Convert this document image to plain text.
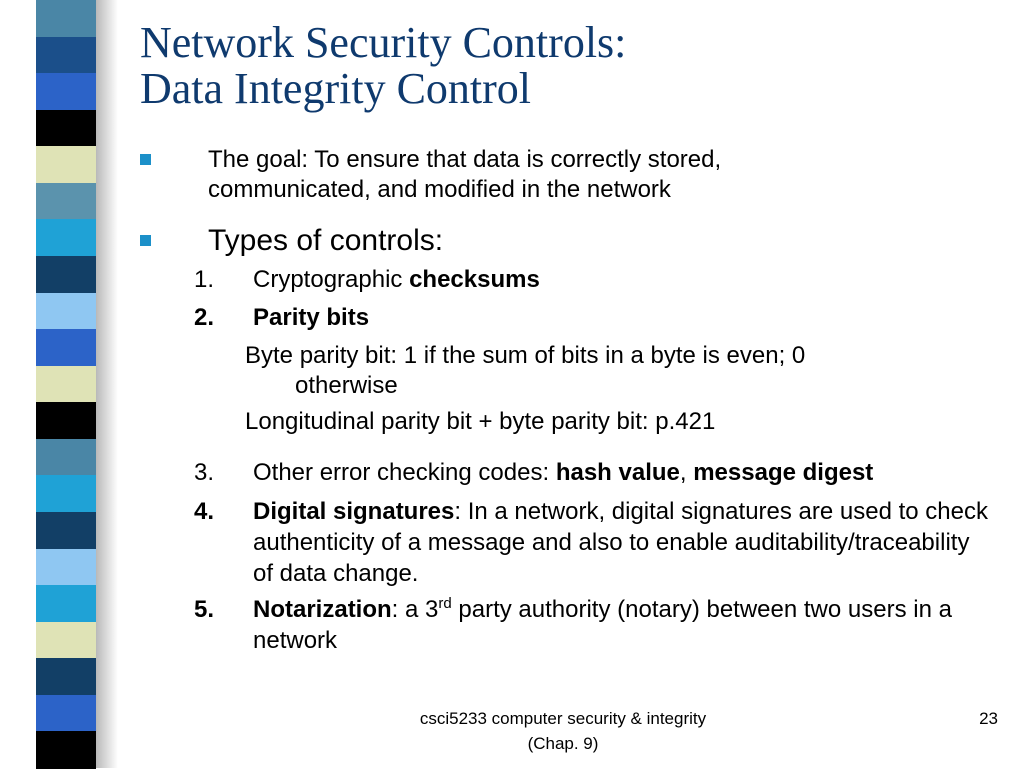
Network Security Controls:
Data Integrity Control
The goal: To ensure that data is correctly stored, communicated, and modified in the network
Types of controls:
1.	Cryptographic checksums
2.	Parity bits
Byte parity bit: 1 if the sum of bits in a byte is even; 0
otherwise
Longitudinal parity bit + byte parity bit: p.421
3.	Other error checking codes: hash value, message digest
4.	Digital signatures: In a network, digital signatures are used to check authenticity of a message and also to enable auditability/traceability of data change.
5.	Notarization: a 3rd party authority (notary) between two users in a network
csci5233 computer security & integrity (Chap. 9)
23
